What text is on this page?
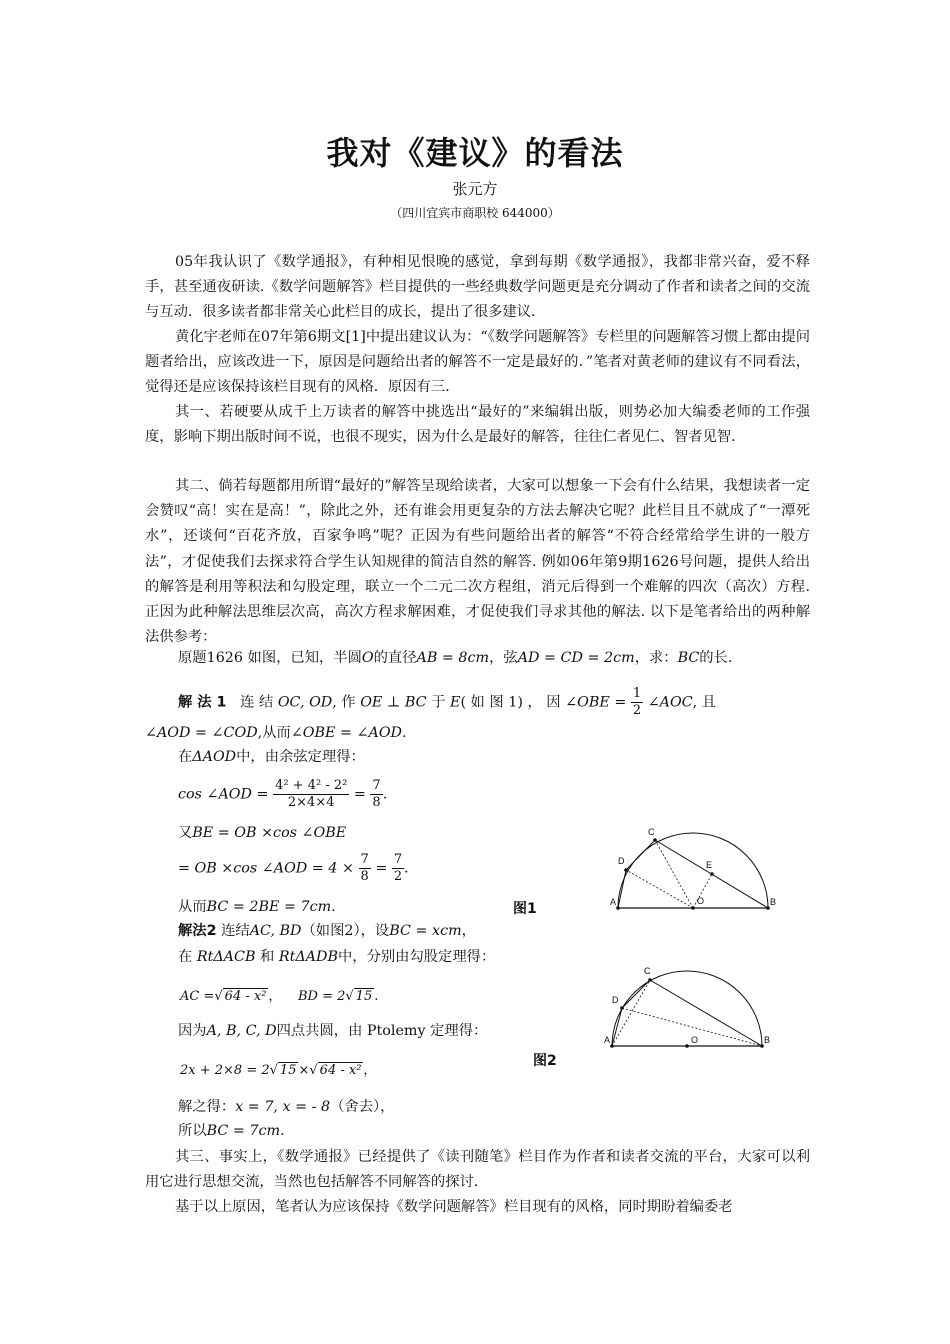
我对《建议》的看法
张元方
（四川宜宾市商职校 644000）
05年我认识了《数学通报》，有种相见恨晚的感觉，拿到每期《数学通报》，我都非常兴奋，爱不释手，甚至通夜研读.《数学问题解答》栏目提供的一些经典数学问题更是充分调动了作者和读者之间的交流与互动．很多读者都非常关心此栏目的成长，提出了很多建议．
黄化宇老师在07年第6期文[1]中提出建议认为：“《数学问题解答》专栏里的问题解答习惯上都由提问题者给出，应该改进一下，原因是问题给出者的解答不一定是最好的．”笔者对黄老师的建议有不同看法，觉得还是应该保持该栏目现有的风格．原因有三．
其一、若硬要从成千上万读者的解答中挑选出“最好的”来编辑出版，则势必加大编委老师的工作强度，影响下期出版时间不说，也很不现实，因为什么是最好的解答，往往仁者见仁、智者见智．
其二、倘若每题都用所谓“最好的”解答呈现给读者，大家可以想象一下会有什么结果，我想读者一定会赞叹“高！实在是高！”，除此之外，还有谁会用更复杂的方法去解决它呢？此栏目且不就成了“一潭死水”，还谈何“百花齐放，百家争鸣”呢？正因为有些问题给出者的解答“不符合经常给学生讲的一般方法”，才促使我们去探求符合学生认知规律的简洁自然的解答. 例如06年第9期1626号问题，提供人给出的解答是利用等积法和勾股定理，联立一个二元二次方程组，消元后得到一个难解的四次（高次）方程. 正因为此种解法思维层次高，高次方程求解困难，才促使我们寻求其他的解法. 以下是笔者给出的两种解法供参考：
原题1626 如图，已知，半圆O的直径AB = 8cm，弦AD = CD = 2cm，求：BC的长.
解 法 1 连 结 OC, OD, 作 OE ⊥ BC 于 E( 如 图 1) ， 因 ∠OBE = $\frac{1}{2}$ ∠AOC, 且
∠AOD = ∠COD,从而∠OBE = ∠AOD.
在ΔAOD中，由余弦定理得：
cos ∠AOD = $\frac{\text{4² + 4² - 2²}}{2\times 4\times 4} = \frac{7}{8}$ .
又BE = OB ×cos ∠OBE
= OB ×cos ∠AOD = $4 \times \frac{7}{8} = \frac{7}{2}$ .
从而BC = 2BE = 7cm.	A	B
C
D	E
O
图1
解法2 连结AC, BD（如图2），设BC = xcm，
在 RtΔACB 和 RtΔADB中，分别由勾股定理得：
AC =√ 64 - x² ， BD = 2√ 15 .
因为A, B, C, D四点共圆，由 Ptolemy 定理得：
2x + 2×8 = 2√ 15 ×√ 64 - x² ，
A	B
C
D
O
图2
解之得：x = 7, x = - 8（舍去），
所以BC = 7cm.
其三、事实上，《数学通报》已经提供了《读刊随笔》栏目作为作者和读者交流的平台，大家可以利用它进行思想交流，当然也包括解答不同解答的探讨．
基于以上原因，笔者认为应该保持《数学问题解答》栏目现有的风格，同时期盼着编委老
